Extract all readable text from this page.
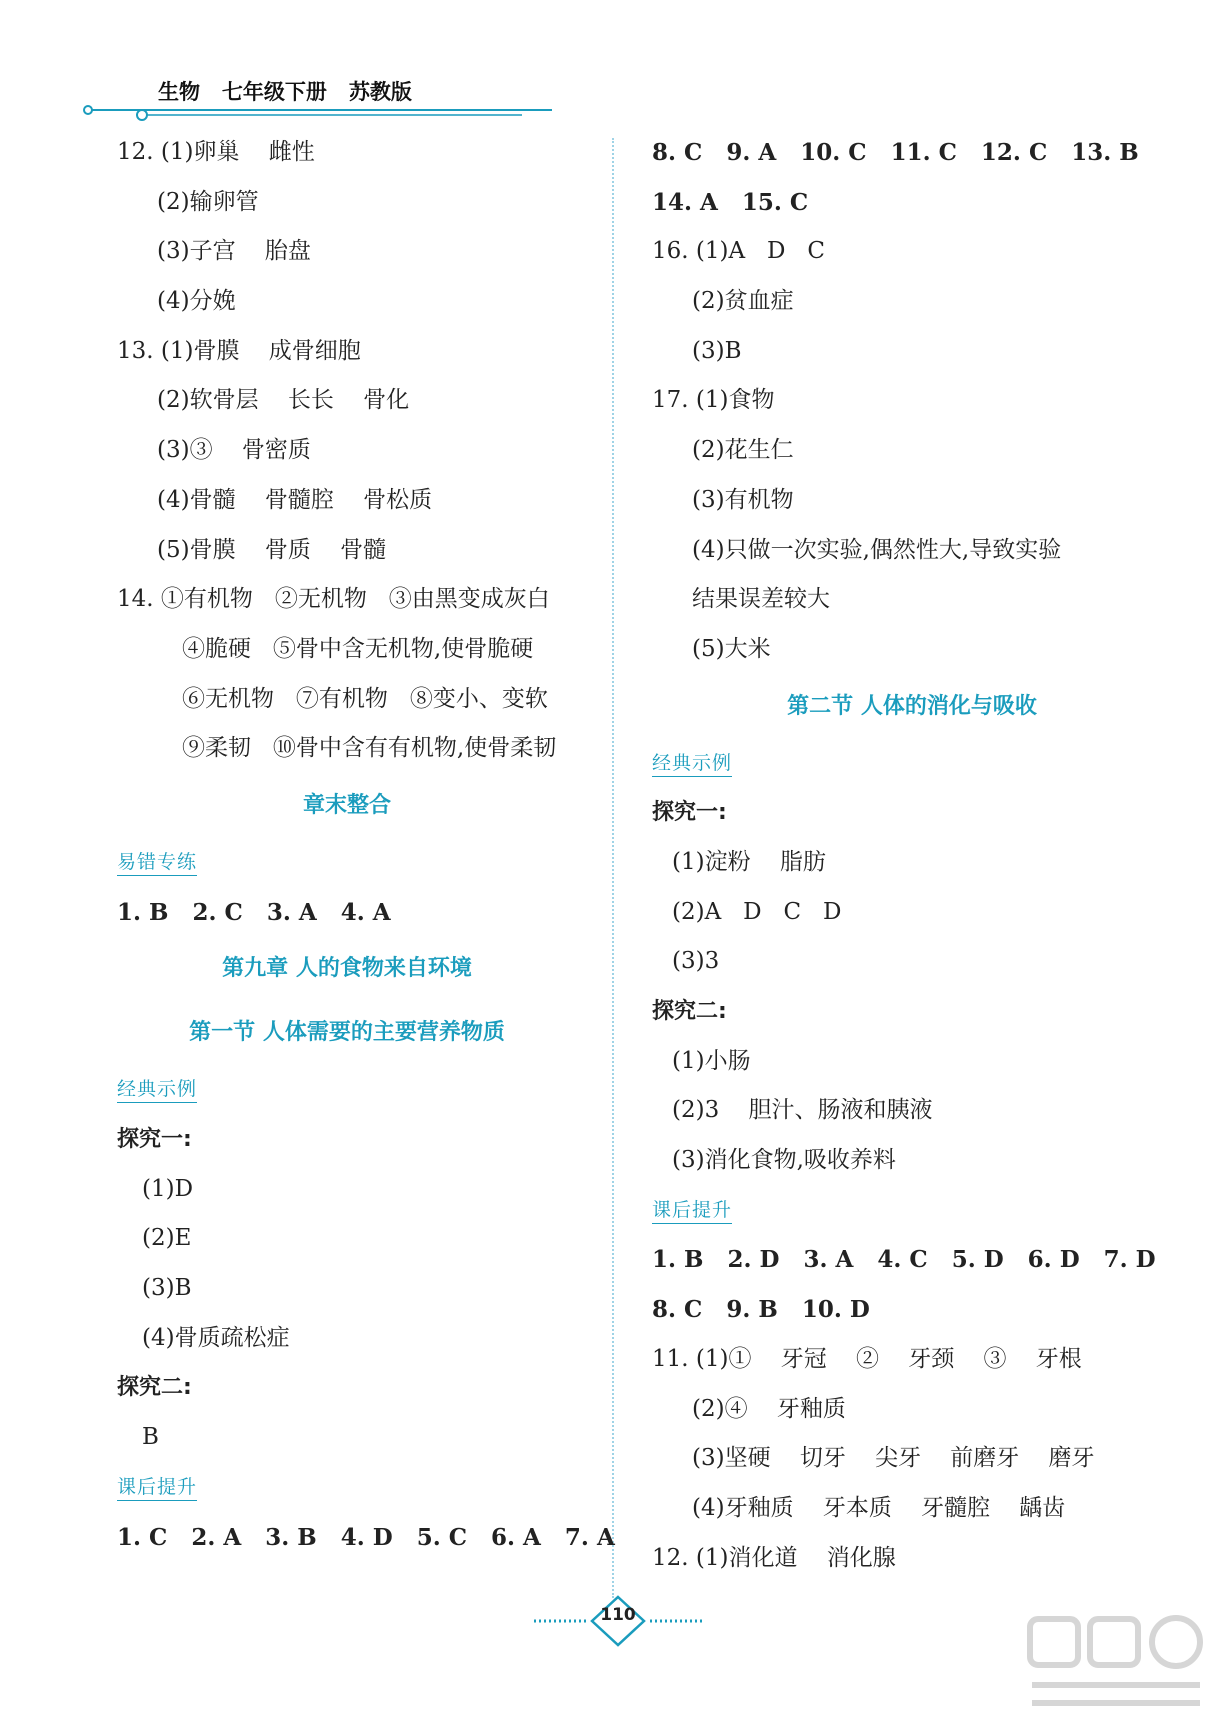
生物   七年级下册   苏教版
12. (1)卵巢    雌性
(2)输卵管
(3)子宫    胎盘
(4)分娩
13. (1)骨膜    成骨细胞
(2)软骨层    长长    骨化
(3)③    骨密质
(4)骨髓    骨髓腔    骨松质
(5)骨膜    骨质    骨髓
14. ①有机物   ②无机物   ③由黑变成灰白
④脆硬   ⑤骨中含无机物,使骨脆硬
⑥无机物   ⑦有机物   ⑧变小、变软
⑨柔韧   ⑩骨中含有有机物,使骨柔韧
章末整合
易错专练
1. B   2. C   3. A   4. A
第九章 人的食物来自环境
第一节 人体需要的主要营养物质
经典示例
探究一:
(1)D
(2)E
(3)B
(4)骨质疏松症
探究二:
B
课后提升
1. C   2. A   3. B   4. D   5. C   6. A   7. A
8. C   9. A   10. C   11. C   12. C   13. B
14. A   15. C
16. (1)A   D   C
(2)贫血症
(3)B
17. (1)食物
(2)花生仁
(3)有机物
(4)只做一次实验,偶然性大,导致实验
结果误差较大
(5)大米
第二节 人体的消化与吸收
经典示例
探究一:
(1)淀粉    脂肪
(2)A   D   C   D
(3)3
探究二:
(1)小肠
(2)3    胆汁、肠液和胰液
(3)消化食物,吸收养料
课后提升
1. B   2. D   3. A   4. C   5. D   6. D   7. D
8. C   9. B   10. D
11. (1)①    牙冠    ②    牙颈    ③    牙根
(2)④    牙釉质
(3)坚硬    切牙    尖牙    前磨牙    磨牙
(4)牙釉质    牙本质    牙髓腔    龋齿
12. (1)消化道    消化腺
110
